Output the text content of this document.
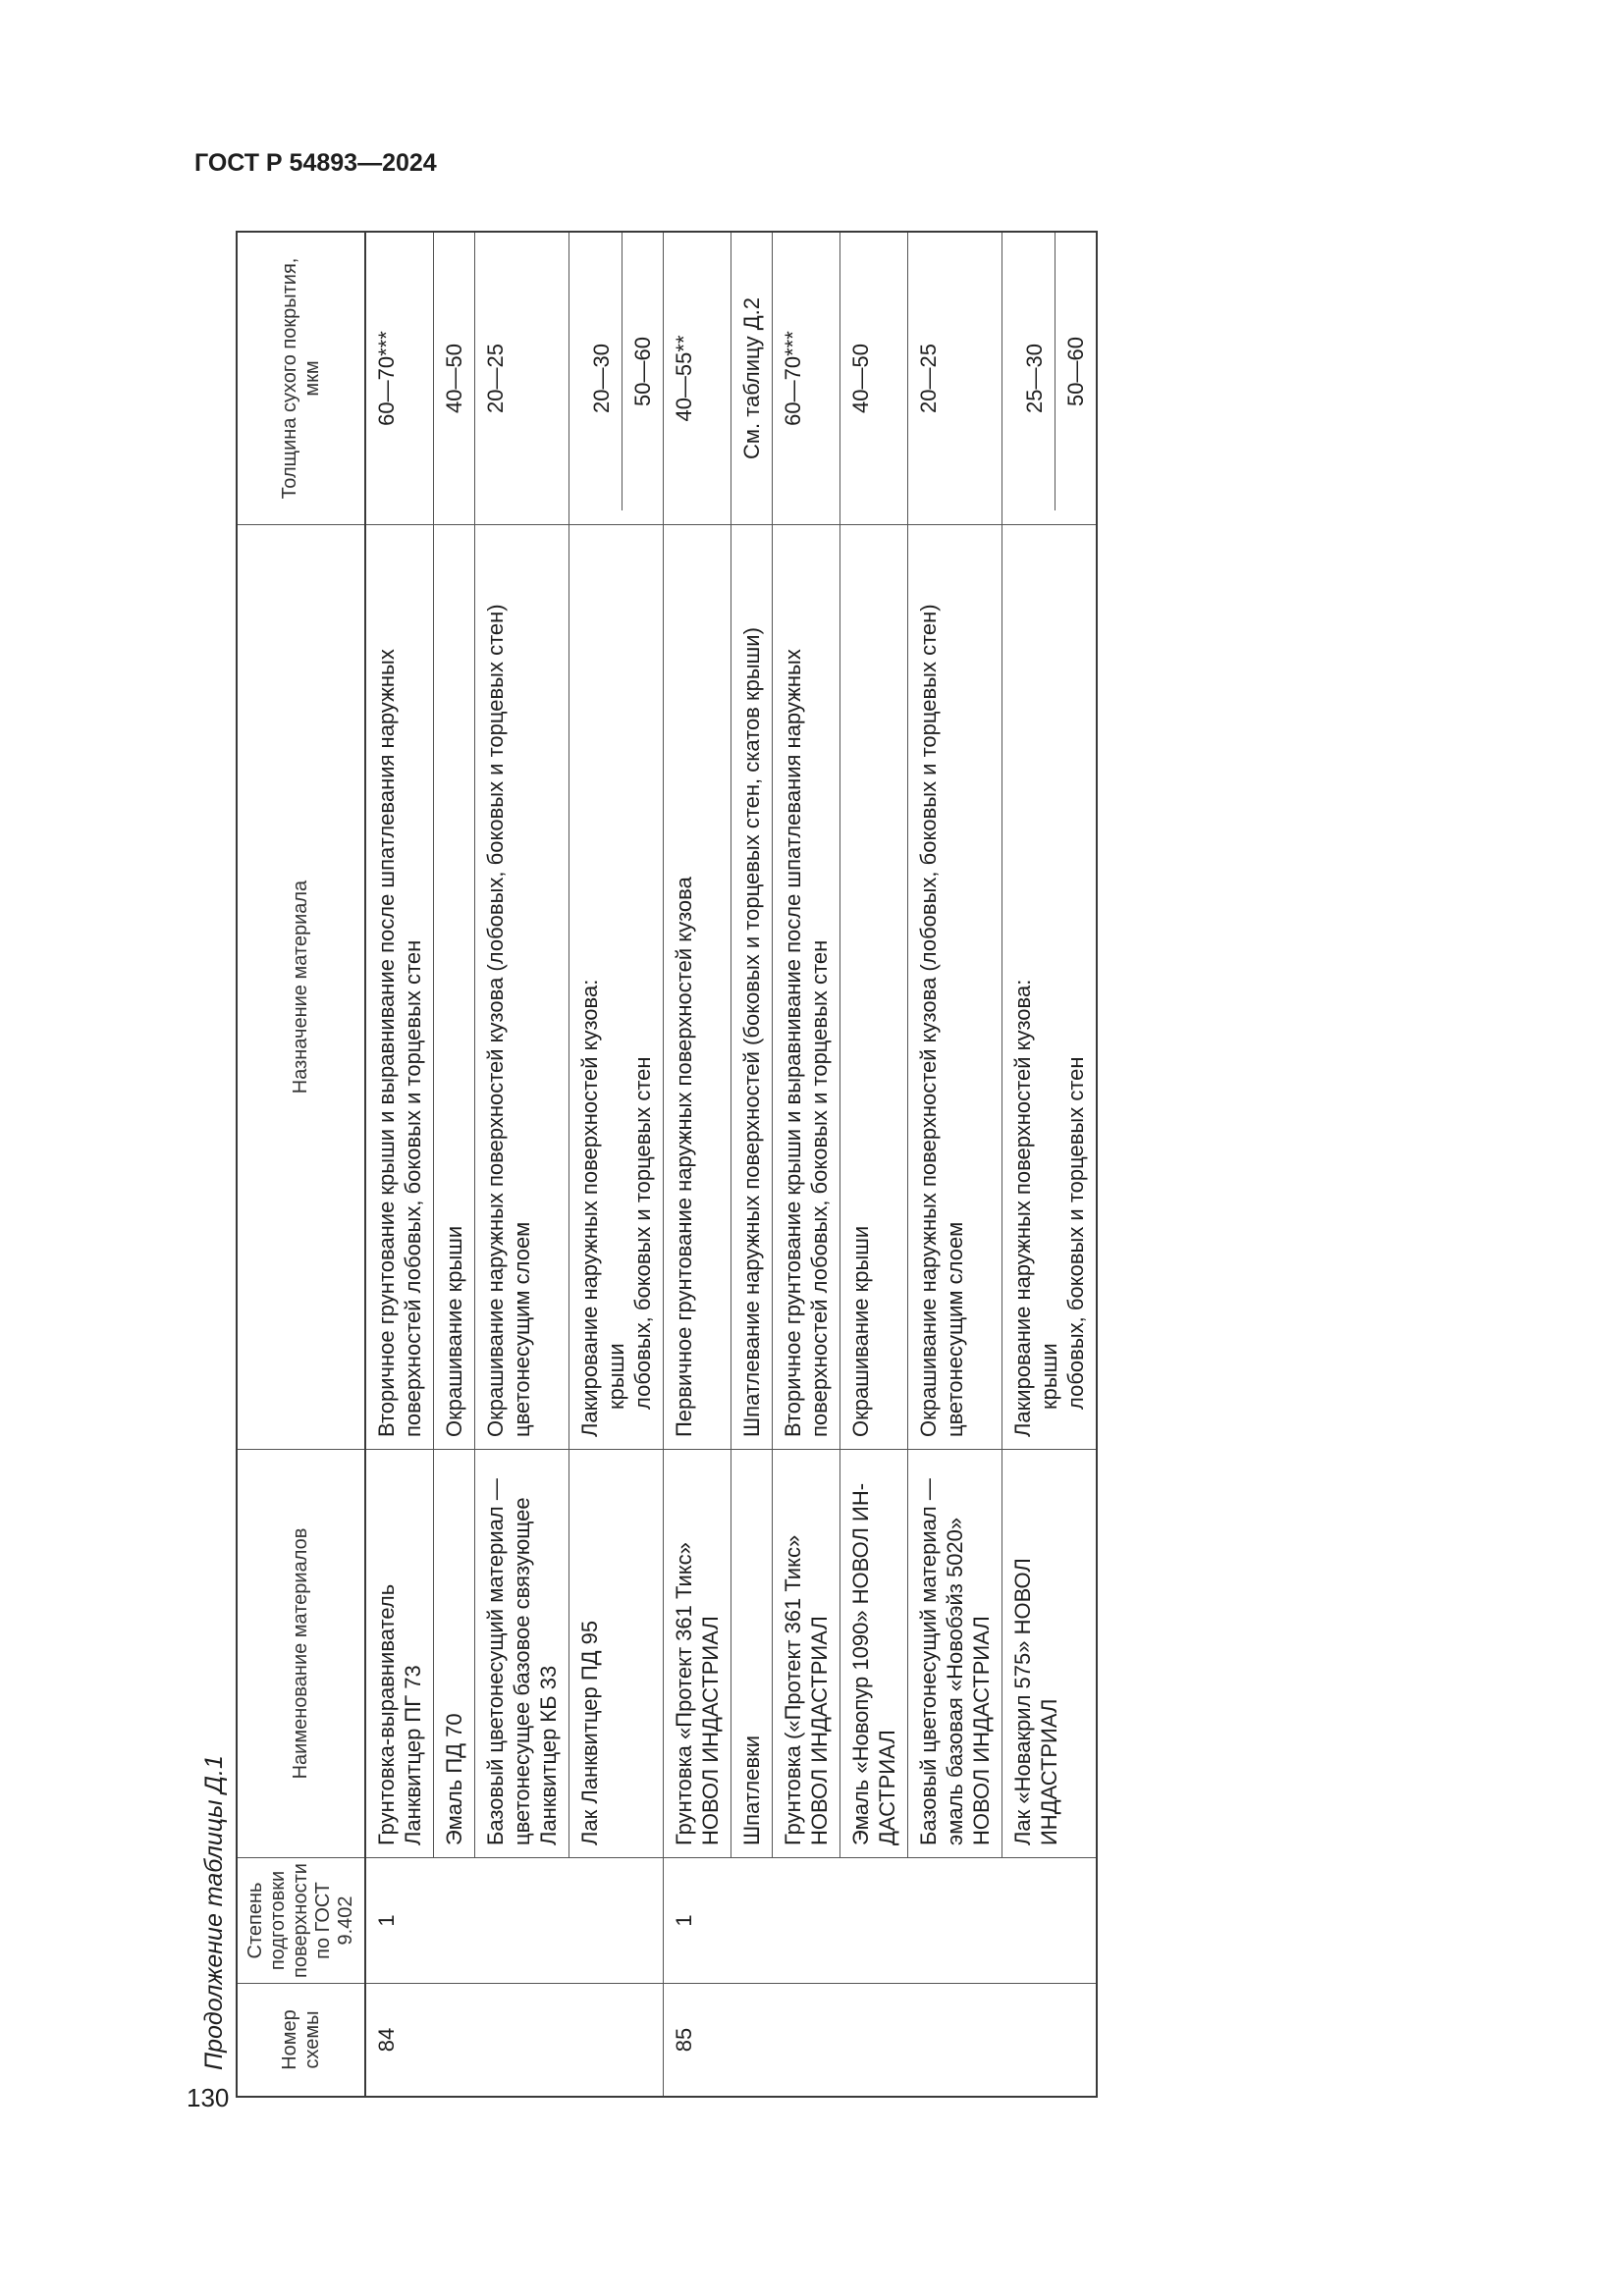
ГОСТ Р 54893—2024
130
Продолжение таблицы Д.1	Номер схемы
Степень подготовки поверхности по ГОСТ 9.402
Наименование материалов
Назначение материала
Толщина сухого покрытия, мкм
84
1
Грунтовка-выравниватель Ланквитцер ПГ 73
Вторичное грунтование крыши и выравнивание после шпатлевания наружных поверхностей лобовых, боковых и торцевых стен
60—70***
Эмаль ПД 70
Окрашивание крыши
40—50
Базовый цветонесущий материал — цветонесущее базовое связующее Ланквитцер КБ 33
Окрашивание наружных поверхностей кузова (лобовых, боковых и торцевых стен) цветонесущим слоем
20—25
Лак Ланквитцер ПД 95
Лакирование наружных поверхностей кузова: крыши лобовых, боковых и торцевых стен
20—30 50—60
85
1
Грунтовка «Протект 361 Тикс» НОВОЛ ИНДАСТРИАЛ
Первичное грунтование наружных поверхностей кузова
40—55**
Шпатлевки
Шпатлевание наружных поверхностей (боковых и торцевых стен, скатов крыши)
См. таблицу Д.2
Грунтовка («Протект 361 Тикс» НОВОЛ ИНДАСТРИАЛ
Вторичное грунтование крыши и выравнивание после шпатлевания наружных поверхностей лобовых, боковых и торцевых стен
60—70***
Эмаль «Новопур 1090» НОВОЛ ИН-ДАСТРИАЛ
Окрашивание крыши
40—50
Базовый цветонесущий материал — эмаль базовая «Новобэйз 5020» НОВОЛ ИНДАСТРИАЛ
Окрашивание наружных поверхностей кузова (лобовых, боковых и торцевых стен) цветонесущим слоем
20—25
Лак «Новакрил 575» НОВОЛ ИНДАСТРИАЛ
Лакирование наружных поверхностей кузова: крыши лобовых, боковых и торцевых стен
25—30 50—60
